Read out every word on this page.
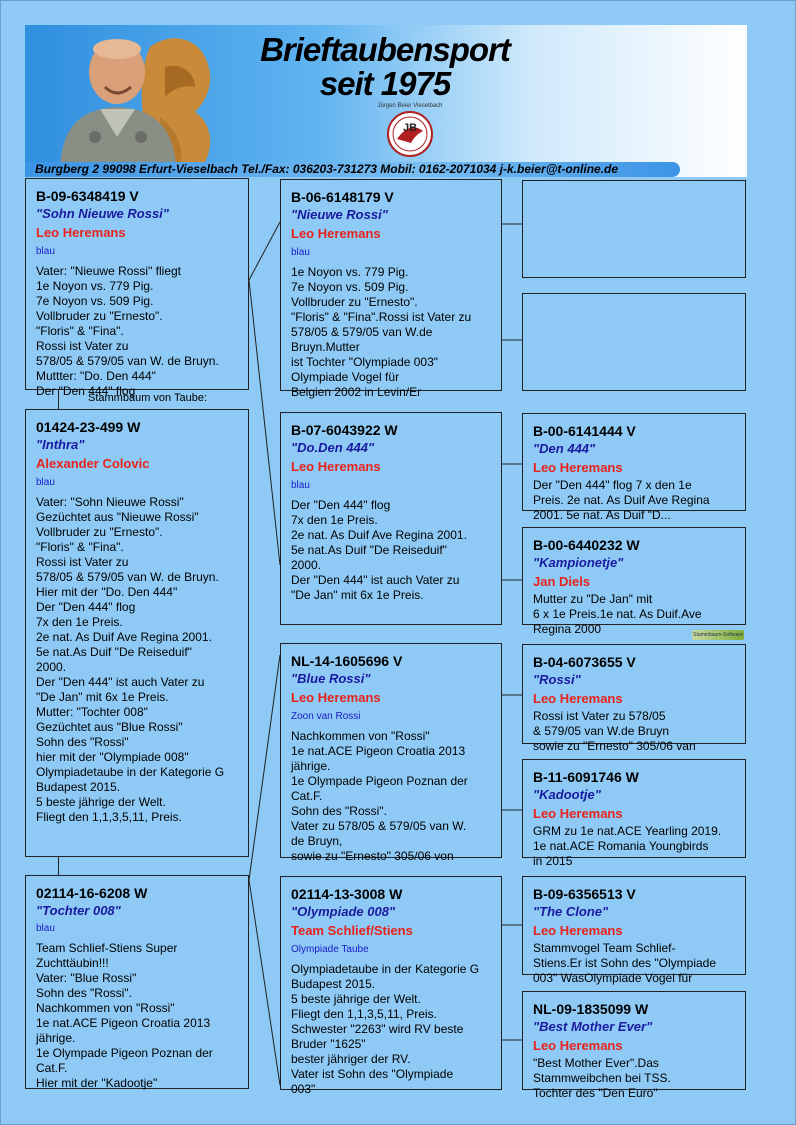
Brieftaubensport
seit 1975
Jürgen Beier Vieselbach
JB
Burgberg 2 99098 Erfurt-Vieselbach Tel./Fax: 036203-731273 Mobil: 0162-2071034 j-k.beier@t-online.de
Stammbaum von Taube:
B-09-6348419 V
"Sohn Nieuwe Rossi"
Leo Heremans
blau
Vater: "Nieuwe Rossi" fliegt
1e Noyon vs. 779 Pig.
7e Noyon vs. 509 Pig.
Vollbruder zu "Ernesto".
"Floris" & "Fina".
Rossi ist Vater zu
578/05 & 579/05 van W. de Bruyn.
Muttter: "Do. Den 444"
Der "Den 444" flog
01424-23-499 W
"Inthra"
Alexander Colovic
blau
Vater: "Sohn Nieuwe Rossi"
Gezüchtet aus "Nieuwe Rossi"
Vollbruder zu "Ernesto".
"Floris" & "Fina".
Rossi ist Vater zu
578/05 & 579/05 van W. de Bruyn.
Hier mit der "Do. Den 444"
Der "Den 444" flog
7x den 1e Preis.
2e nat. As Duif Ave Regina 2001.
5e nat.As Duif "De Reiseduif"
2000.
Der "Den 444" ist auch Vater zu
"De Jan" mit 6x 1e Preis.
Mutter: "Tochter 008"
Gezüchtet aus "Blue Rossi"
Sohn des "Rossi"
hier mit der "Olympiade 008"
Olympiadetaube in der Kategorie G
Budapest 2015.
5 beste jährige der Welt.
Fliegt den 1,1,3,5,11, Preis.
02114-16-6208 W
"Tochter 008"
blau
Team Schlief-Stiens Super
Zuchttäubin!!!
Vater: "Blue Rossi"
Sohn des "Rossi".
Nachkommen von "Rossi"
1e nat.ACE Pigeon Croatia 2013
jährige.
1e Olympade Pigeon Poznan der
Cat.F.
Hier mit der "Kadootje"
B-06-6148179 V
"Nieuwe Rossi"
Leo Heremans
blau
1e Noyon vs. 779 Pig.
7e Noyon vs. 509 Pig.
Vollbruder zu "Ernesto".
"Floris" & "Fina".Rossi ist Vater zu
578/05 & 579/05 van W.de
Bruyn.Mutter
ist Tochter "Olympiade 003"
Olympiade Vogel für
Belgien 2002 in Levin/Er
B-07-6043922 W
"Do.Den 444"
Leo Heremans
blau
Der "Den 444" flog
7x den 1e Preis.
2e nat. As Duif Ave Regina 2001.
5e nat.As Duif "De Reiseduif"
2000.
Der "Den 444" ist auch Vater zu
"De Jan" mit 6x 1e Preis.
NL-14-1605696 V
"Blue Rossi"
Leo Heremans
Zoon van Rossi
Nachkommen von "Rossi"
1e nat.ACE Pigeon Croatia 2013
jährige.
1e Olympade Pigeon Poznan der
Cat.F.
Sohn des "Rossi".
Vater zu 578/05 & 579/05 van W.
de Bruyn,
sowie zu "Ernesto" 305/06 von
02114-13-3008 W
"Olympiade 008"
Team Schlief/Stiens
Olympiade Taube
Olympiadetaube in der Kategorie G
Budapest 2015.
5 beste jährige der Welt.
Fliegt den 1,1,3,5,11, Preis.
Schwester "2263" wird RV beste
Bruder "1625"
bester jähriger der RV.
Vater ist Sohn des "Olympiade
003"
B-00-6141444 V
"Den 444"
Leo Heremans
Der "Den 444" flog 7 x den 1e
Preis. 2e nat. As Duif Ave Regina
2001. 5e nat. As Duif "D...
B-00-6440232 W
"Kampionetje"
Jan Diels
Mutter zu "De Jan" mit
6 x 1e Preis.1e nat. As Duif.Ave
Regina 2000
B-04-6073655 V
"Rossi"
Leo Heremans
Rossi ist Vater zu 578/05
& 579/05 van W.de Bruyn
sowie zu "Ernesto" 305/06 van
B-11-6091746 W
"Kadootje"
Leo Heremans
GRM zu 1e nat.ACE Yearling 2019.
1e nat.ACE Romania Youngbirds
in 2015
B-09-6356513 V
"The Clone"
Leo Heremans
Stammvogel Team Schlief-
Stiens.Er ist Sohn des "Olympiade
003" WasOlympiade Vogel für
NL-09-1835099 W
"Best Mother Ever"
Leo Heremans
"Best Mother Ever".Das
Stammweibchen bei TSS.
Tochter des "Den Euro"
Stammbaum-Software
